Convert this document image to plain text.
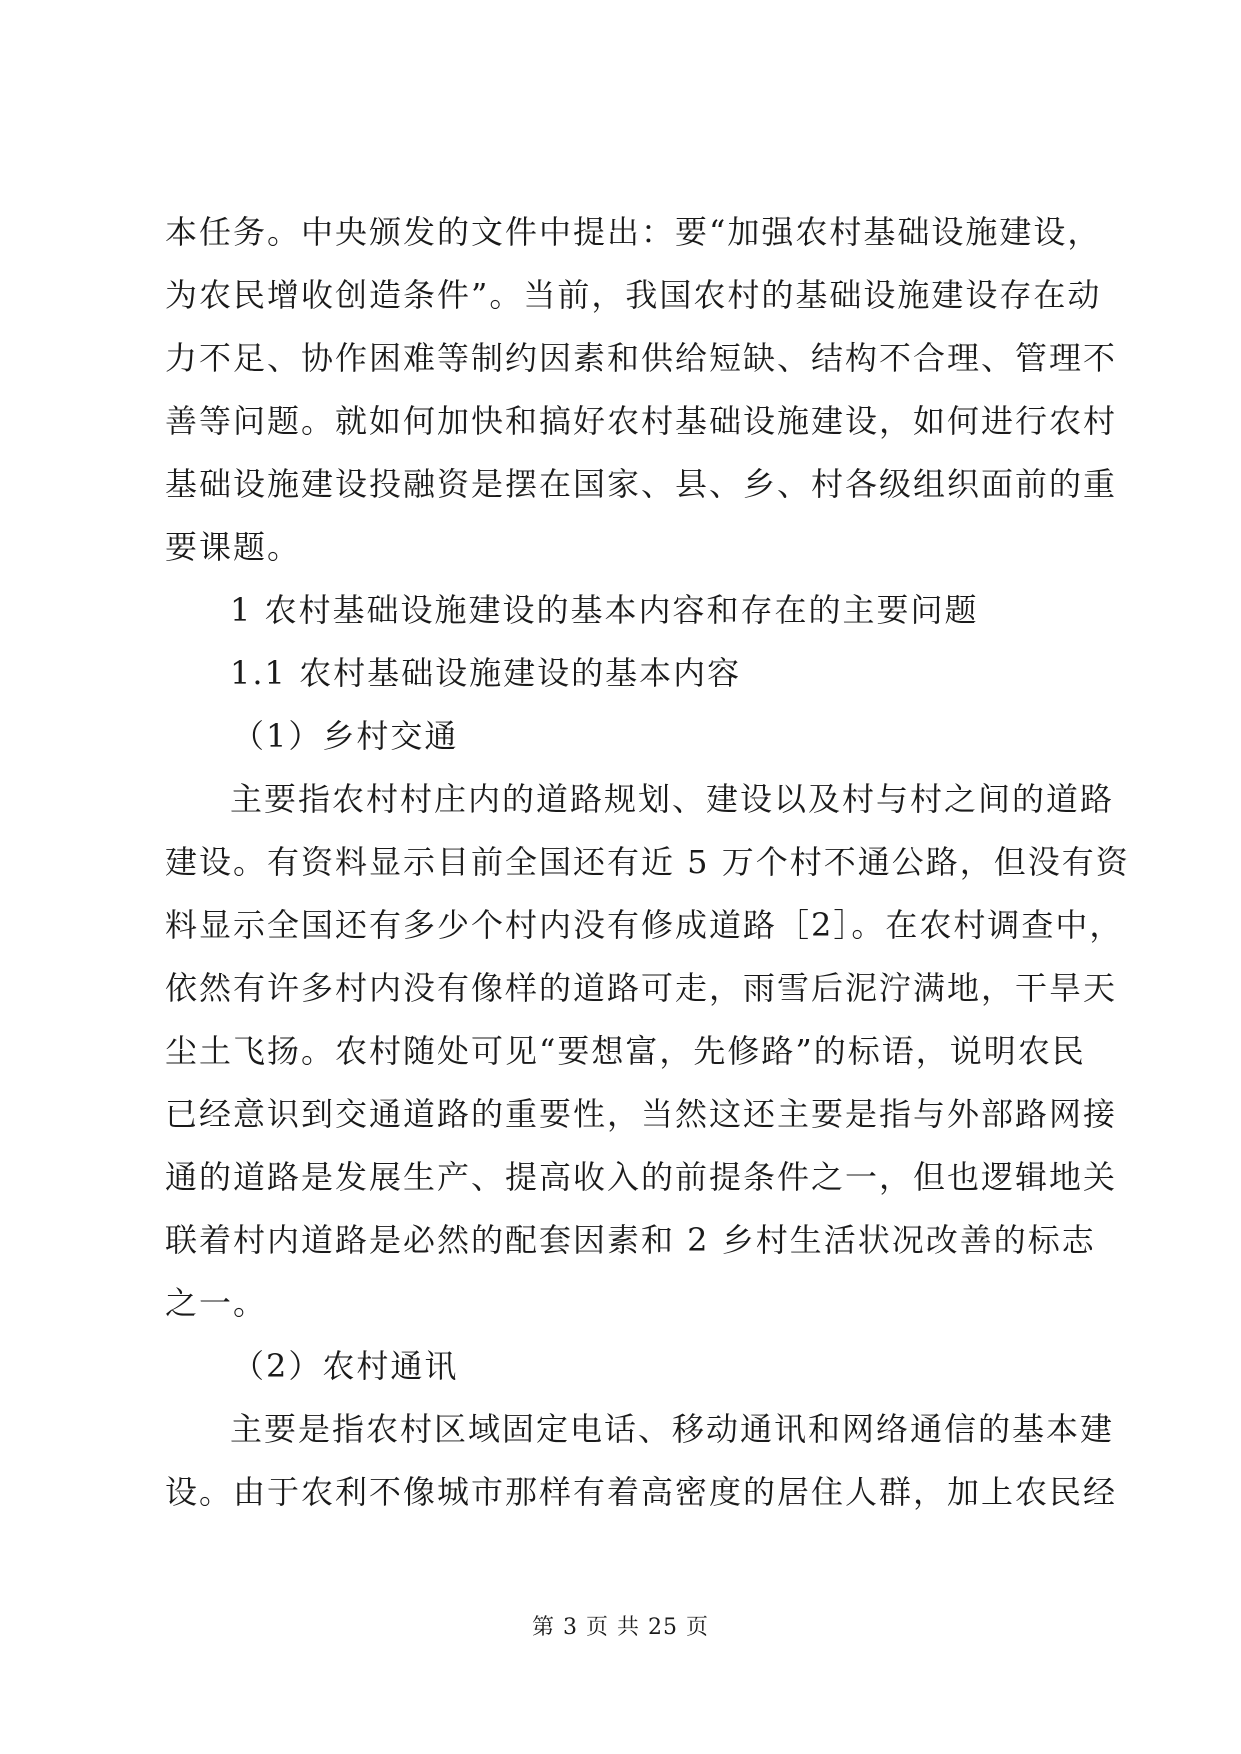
本任务。中央颁发的文件中提出：要“加强农村基础设施建设，
为农民增收创造条件”。当前，我国农村的基础设施建设存在动
力不足、协作困难等制约因素和供给短缺、结构不合理、管理不
善等问题。就如何加快和搞好农村基础设施建设，如何进行农村
基础设施建设投融资是摆在国家、县、乡、村各级组织面前的重
要课题。
1 农村基础设施建设的基本内容和存在的主要问题
1.1 农村基础设施建设的基本内容
（1）乡村交通
主要指农村村庄内的道路规划、建设以及村与村之间的道路
建设。有资料显示目前全国还有近 5 万个村不通公路，但没有资
料显示全国还有多少个村内没有修成道路［2］。在农村调查中，
依然有许多村内没有像样的道路可走，雨雪后泥泞满地，干旱天
尘土飞扬。农村随处可见“要想富，先修路”的标语，说明农民
已经意识到交通道路的重要性，当然这还主要是指与外部路网接
通的道路是发展生产、提高收入的前提条件之一，但也逻辑地关
联着村内道路是必然的配套因素和 2 乡村生活状况改善的标志
之一。
（2）农村通讯
主要是指农村区域固定电话、移动通讯和网络通信的基本建
设。由于农利不像城市那样有着高密度的居住人群，加上农民经
第 3 页 共 25 页
